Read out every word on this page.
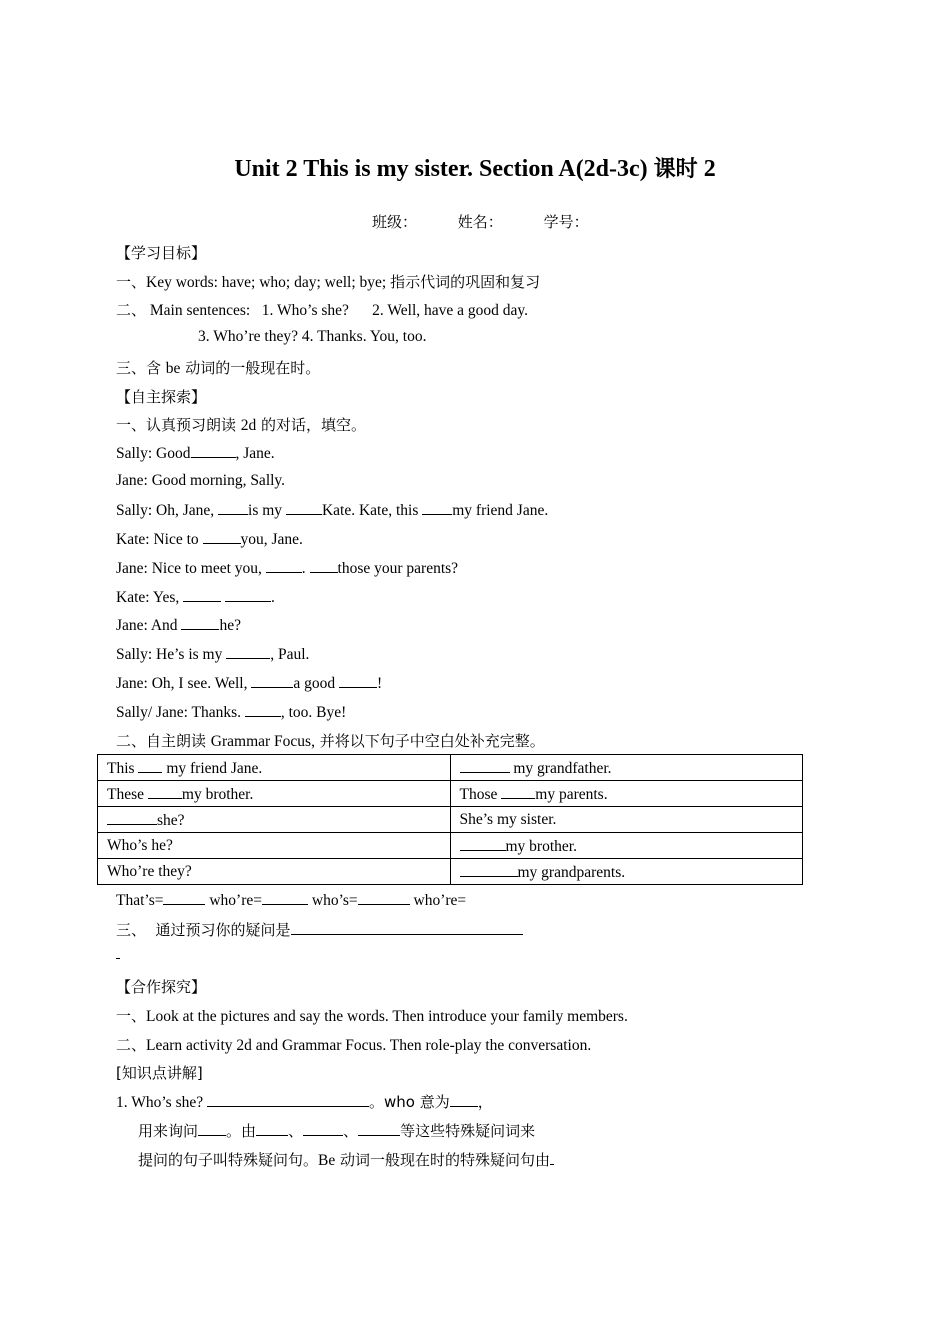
Unit 2 This is my sister. Section A(2d-3c) 课时 2
班级：	姓名：	学号：
【学习目标】
一、Key words: have; who; day; well; bye; 指示代词的巩固和复习
二、 Main sentences:   1. Who’s she?      2. Well, have a good day.
3. Who’re they? 4. Thanks. You, too.
三、含 be 动词的一般现在时。
【自主探索】
一、认真预习朗读 2d 的对话，填空。
Sally: Good	, Jane.
Jane: Good morning, Sally.
Sally: Oh, Jane, is my Kate. Kate, this my friend Jane.
Kate: Nice to you, Jane.
Jane: Nice to meet you, . those your parents?
Kate: Yes,	.
Jane: And he?
Sally: He’s is my	, Paul.
Jane: Oh, I see. Well,	a good !
Sally/ Jane: Thanks. , too. Bye!
二、自主朗读 Grammar Focus, 并将以下句子中空白处补充完整。
This  my friend Jane.	my grandfather.
These my brother.	Those my parents.
she?	She’s my sister.
Who’s he?	my brother.
Who’re they?	my grandparents.
That’s=	who’re=	who’s=	who’re=
三、  通过预习你的疑问是
【合作探究】
一、Look at the pictures and say the words. Then introduce your family members.
二、Learn activity 2d and Grammar Focus. Then role-play the conversation.
[知识点讲解]
1. Who’s she?	。who 意为 ，
用来询问 。由 、	、	等这些特殊疑问词来
提问的句子叫特殊疑问句。Be 动词一般现在时的特殊疑问句由
